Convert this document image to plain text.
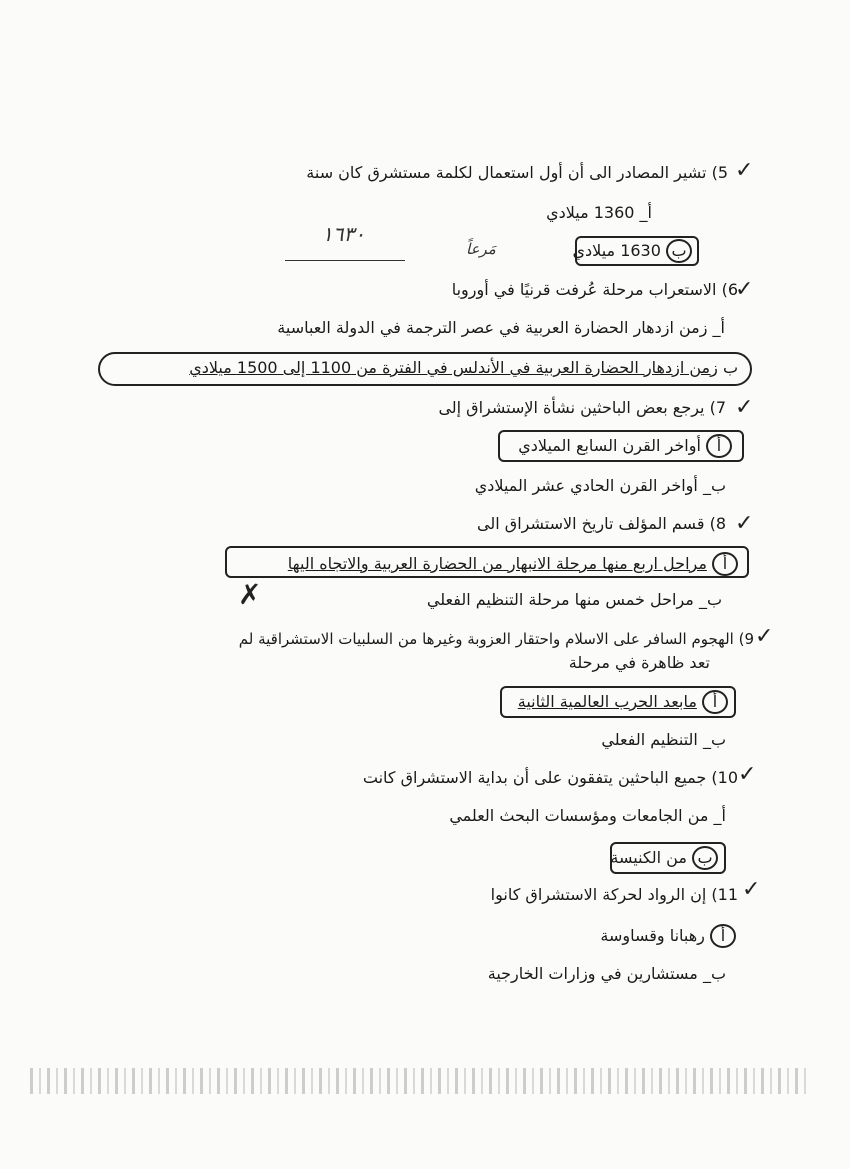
✓
5) تشير المصادر الى أن أول استعمال لكلمة مستشرق كان سنة
أ_ 1360 ميلادي
١٦٣٠
مَرعاً	ب 1630 ميلادي
✓
6) الاستعراب مرحلة عُرفت قرنيًا في أوروبا
أ_ زمن ازدهار الحضارة العربية في عصر الترجمة في الدولة العباسية
ب زمن ازدهار الحضارة العربية في الأندلس في الفترة من 1100 إلى 1500 ميلادي
✓
7) يرجع بعض الباحثين نشأة الإستشراق إلى
أ أواخر القرن السابع الميلادي
ب_ أواخر القرن الحادي عشر الميلادي
✓
8) قسم المؤلف تاريخ الاستشراق الى
أ مراحل اربع منها مرحلة الانبهار من الحضارة العربية والاتجاه اليها
✗	ب_ مراحل خمس منها مرحلة التنظيم الفعلي
✓
9) الهجوم السافر على الاسلام واحتقار العزوبة وغيرها من السلبيات الاستشراقية لم
تعد ظاهرة في مرحلة
أ مابعد الحرب العالمية الثانية
ب_ التنظيم الفعلي
✓
10) جميع الباحثين يتفقون على أن بداية الاستشراق كانت
أ_ من الجامعات ومؤسسات البحث العلمي
ب من الكنيسة
✓
11) إن الرواد لحركة الاستشراق كانوا
أ رهبانا وقساوسة
ب_ مستشارين في وزارات الخارجية
